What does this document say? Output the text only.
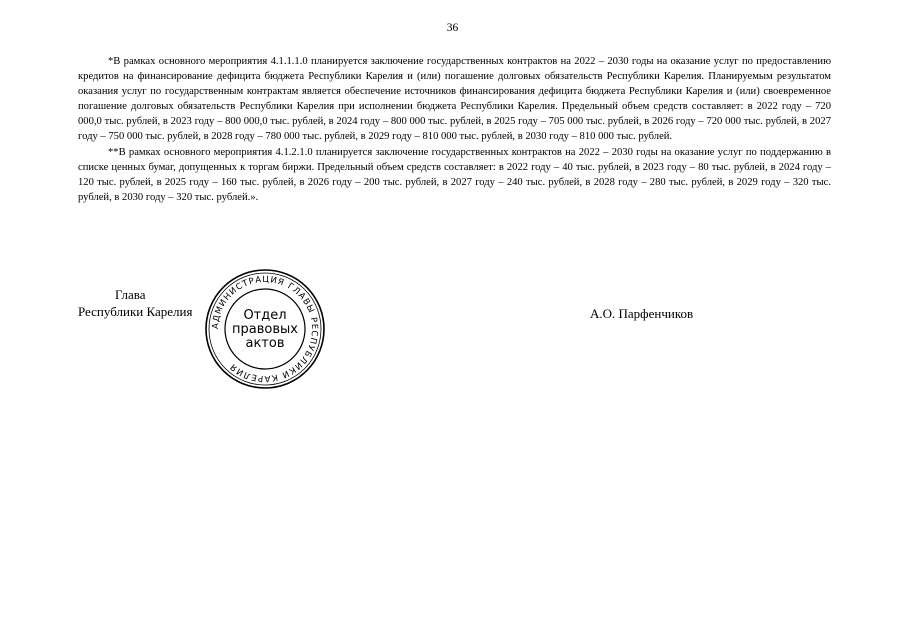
36

*В рамках основного мероприятия 4.1.1.1.0 планируется заключение государственных контрактов на 2022 – 2030 годы на оказание услуг по предоставлению кредитов на финансирование дефицита бюджета Республики Карелия и (или) погашение долговых обязательств Республики Карелия. Планируемым результатом оказания услуг по государственным контрактам является обеспечение источников финансирования дефицита бюджета Республики Карелия и (или) своевременное погашение долговых обязательств Республики Карелия при исполнении бюджета Республики Карелия. Предельный объем средств составляет: в 2022 году – 720 000,0 тыс. рублей, в 2023 году – 800 000,0 тыс. рублей, в 2024 году – 800 000 тыс. рублей, в 2025 году – 705 000 тыс. рублей, в 2026 году – 720 000 тыс. рублей, в 2027 году – 750 000 тыс. рублей, в 2028 году – 780 000 тыс. рублей, в 2029 году – 810 000 тыс. рублей, в 2030 году – 810 000 тыс. рублей.

**В рамках основного мероприятия 4.1.2.1.0 планируется заключение государственных контрактов на 2022 – 2030 годы на оказание услуг по поддержанию в списке ценных бумаг, допущенных к торгам биржи. Предельный объем средств составляет: в 2022 году – 40 тыс. рублей, в 2023 году – 80 тыс. рублей, в 2024 году – 120 тыс. рублей, в 2025 году – 160 тыс. рублей, в 2026 году – 200 тыс. рублей, в 2027 году – 240 тыс. рублей, в 2028 году – 280 тыс. рублей, в 2029 году – 320 тыс. рублей, в 2030 году – 320 тыс. рублей.».

Глава
Республики Карелия
АДМИНИСТРАЦИЯ ГЛАВЫ РЕСПУБЛИКИ КАРЕЛИЯ
Отдел
правовых
актов
А.О. Парфенчиков
